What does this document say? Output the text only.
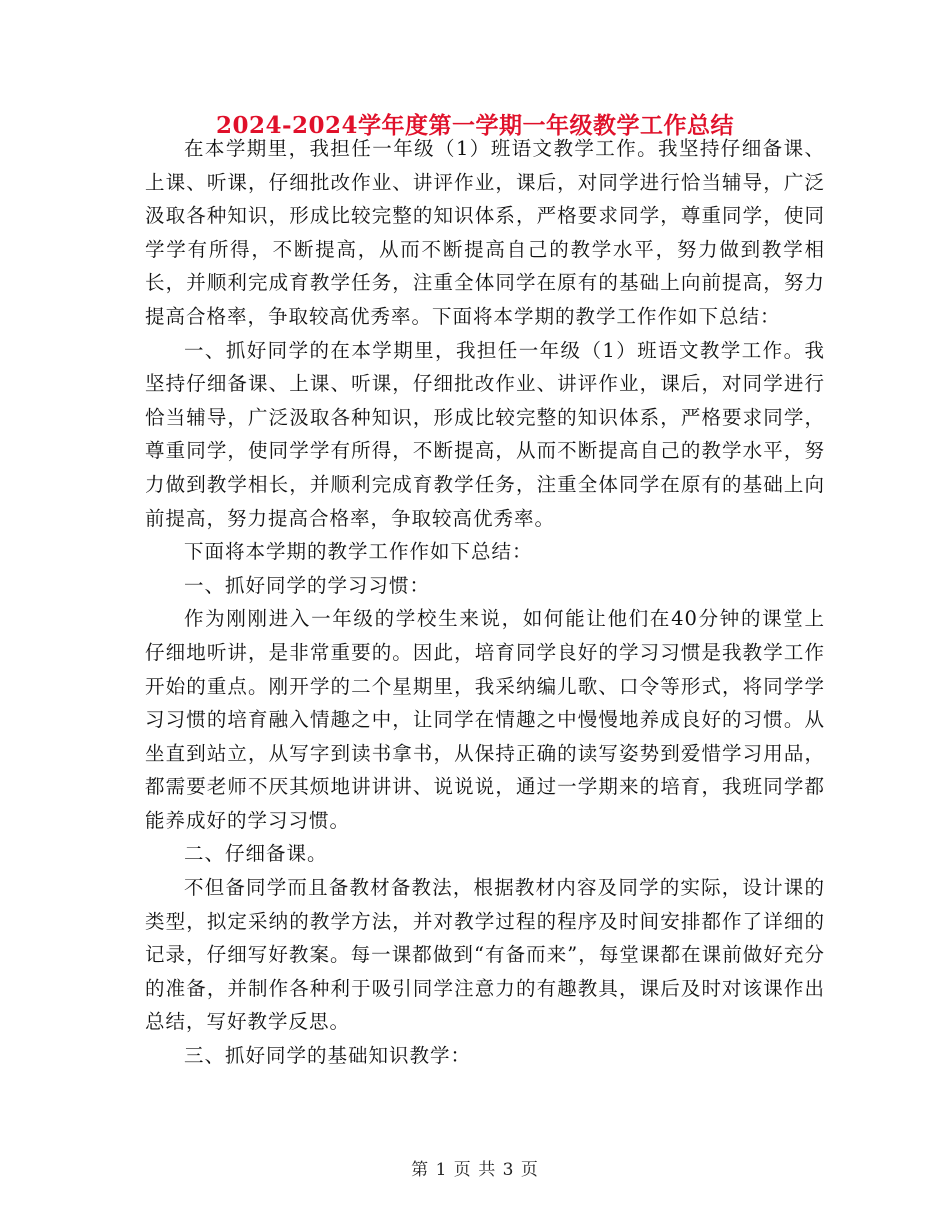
2024-2024学年度第一学期一年级教学工作总结

在本学期里，我担任一年级（1）班语文教学工作。我坚持仔细备课、上课、听课，仔细批改作业、讲评作业，课后，对同学进行恰当辅导，广泛汲取各种知识，形成比较完整的知识体系，严格要求同学，尊重同学，使同学学有所得，不断提高，从而不断提高自己的教学水平，努力做到教学相长，并顺利完成育教学任务，注重全体同学在原有的基础上向前提高，努力提高合格率，争取较高优秀率。下面将本学期的教学工作作如下总结：

一、抓好同学的在本学期里，我担任一年级（1）班语文教学工作。我坚持仔细备课、上课、听课，仔细批改作业、讲评作业，课后，对同学进行恰当辅导，广泛汲取各种知识，形成比较完整的知识体系，严格要求同学，尊重同学，使同学学有所得，不断提高，从而不断提高自己的教学水平，努力做到教学相长，并顺利完成育教学任务，注重全体同学在原有的基础上向前提高，努力提高合格率，争取较高优秀率。

下面将本学期的教学工作作如下总结：

一、抓好同学的学习习惯：

作为刚刚进入一年级的学校生来说，如何能让他们在40分钟的课堂上仔细地听讲，是非常重要的。因此，培育同学良好的学习习惯是我教学工作开始的重点。刚开学的二个星期里，我采纳编儿歌、口令等形式，将同学学习习惯的培育融入情趣之中，让同学在情趣之中慢慢地养成良好的习惯。从坐直到站立，从写字到读书拿书，从保持正确的读写姿势到爱惜学习用品，都需要老师不厌其烦地讲讲讲、说说说，通过一学期来的培育，我班同学都能养成好的学习习惯。

二、仔细备课。

不但备同学而且备教材备教法，根据教材内容及同学的实际，设计课的类型，拟定采纳的教学方法，并对教学过程的程序及时间安排都作了详细的记录，仔细写好教案。每一课都做到“有备而来”，每堂课都在课前做好充分的准备，并制作各种利于吸引同学注意力的有趣教具，课后及时对该课作出总结，写好教学反思。

三、抓好同学的基础知识教学：

第 1 页 共 3 页
